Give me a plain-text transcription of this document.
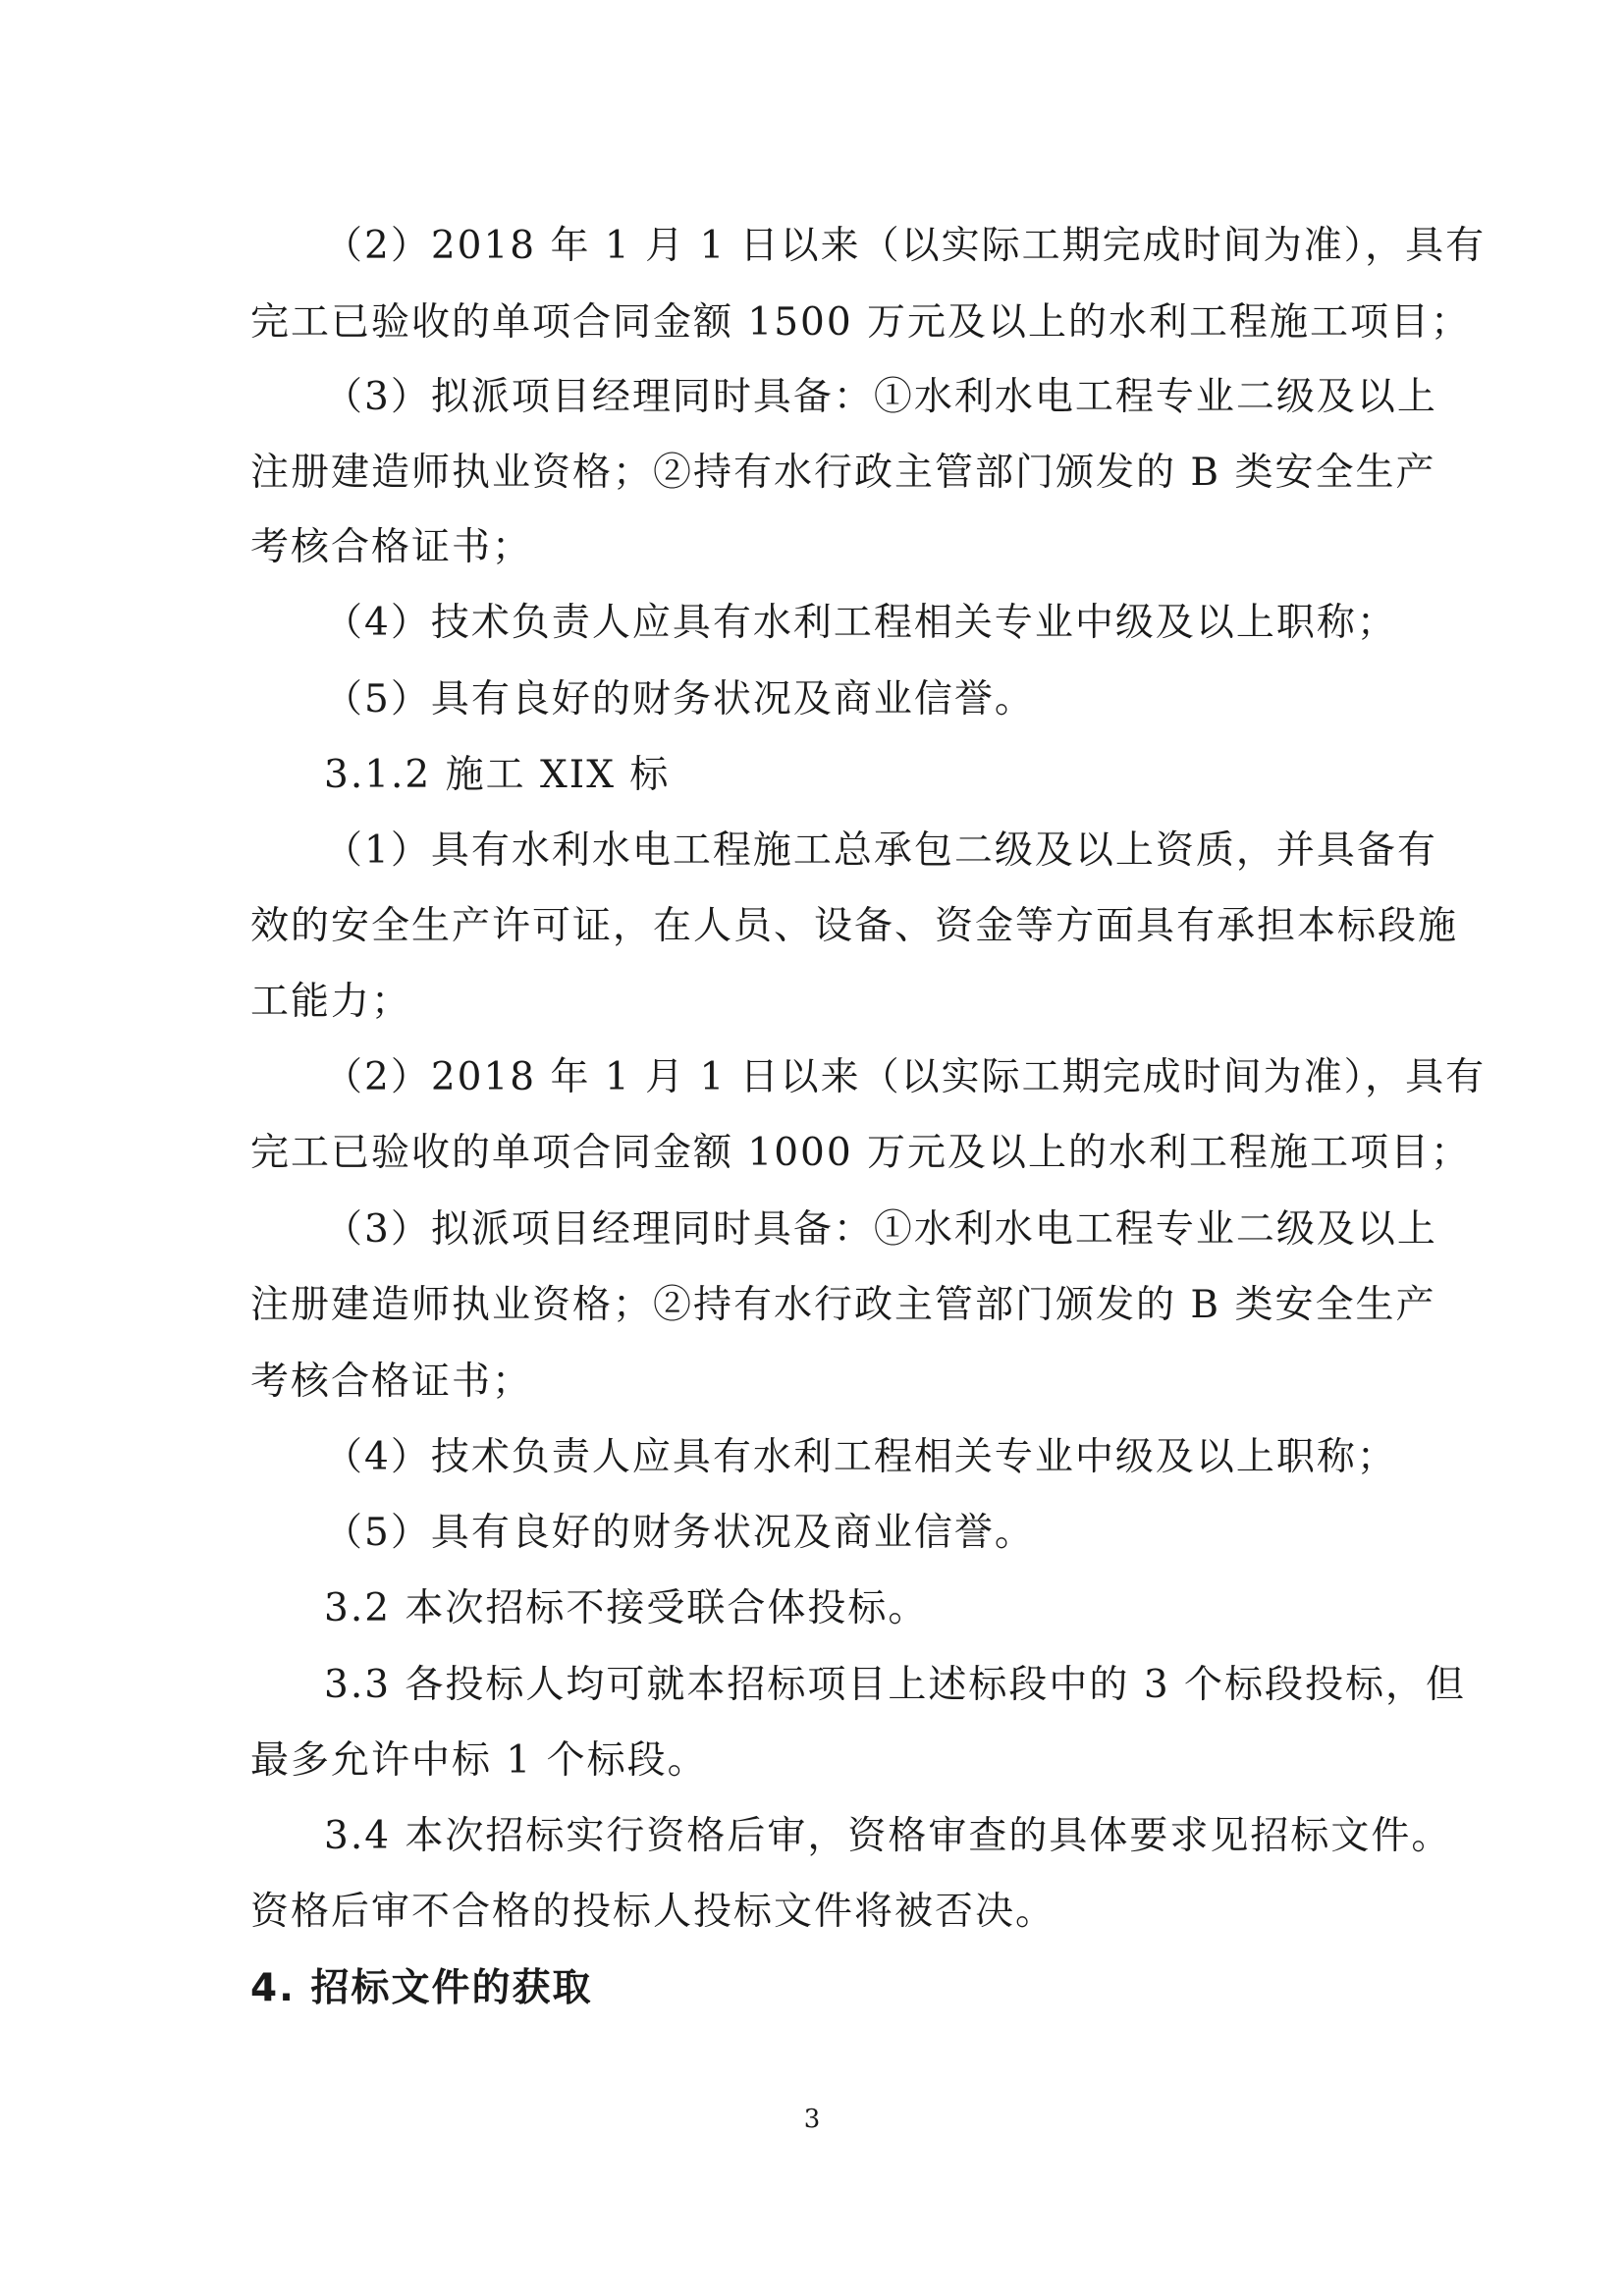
（2）2018 年 1 月 1 日以来（以实际工期完成时间为准），具有

完工已验收的单项合同金额 1500 万元及以上的水利工程施工项目；

（3）拟派项目经理同时具备：①水利水电工程专业二级及以上

注册建造师执业资格；②持有水行政主管部门颁发的 B 类安全生产

考核合格证书；

（4）技术负责人应具有水利工程相关专业中级及以上职称；

（5）具有良好的财务状况及商业信誉。

3.1.2 施工 XIX 标

（1）具有水利水电工程施工总承包二级及以上资质，并具备有

效的安全生产许可证，在人员、设备、资金等方面具有承担本标段施

工能力；

（2）2018 年 1 月 1 日以来（以实际工期完成时间为准），具有

完工已验收的单项合同金额 1000 万元及以上的水利工程施工项目；

（3）拟派项目经理同时具备：①水利水电工程专业二级及以上

注册建造师执业资格；②持有水行政主管部门颁发的 B 类安全生产

考核合格证书；

（4）技术负责人应具有水利工程相关专业中级及以上职称；

（5）具有良好的财务状况及商业信誉。

3.2 本次招标不接受联合体投标。

3.3 各投标人均可就本招标项目上述标段中的 3 个标段投标，但

最多允许中标 1 个标段。

3.4 本次招标实行资格后审，资格审查的具体要求见招标文件。

资格后审不合格的投标人投标文件将被否决。

4. 招标文件的获取

3
